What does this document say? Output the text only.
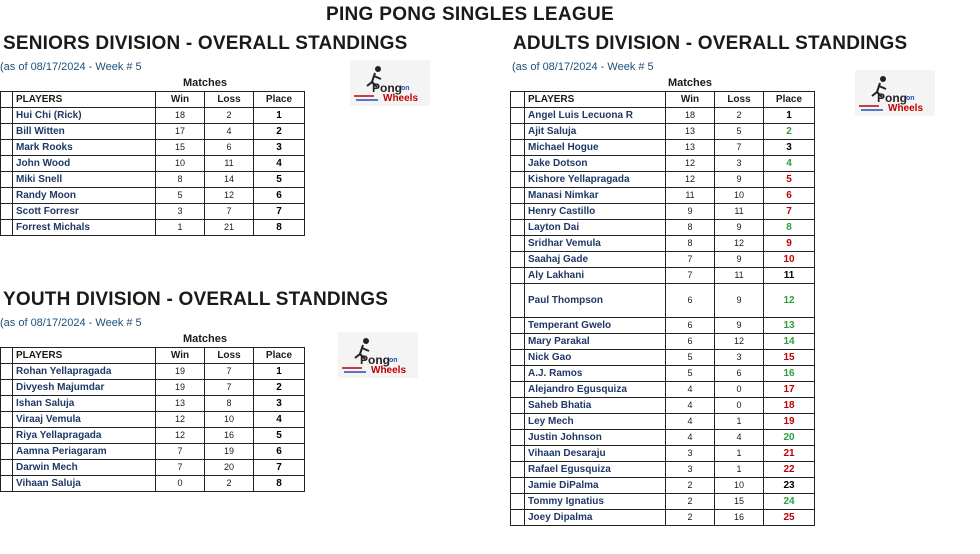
PING PONG SINGLES LEAGUE
SENIORS DIVISION - OVERALL STANDINGS
(as of 08/17/2024 - Week # 5
Matches	Pong on
Wheels
	PLAYERS	Win	Loss	Place
	Hui Chi (Rick)	18	2	1
	Bill Witten	17	4	2
	Mark Rooks	15	6	3
	John Wood	10	11	4
	Miki Snell	8	14	5
	Randy Moon	5	12	6
	Scott Forresr	3	7	7
	Forrest Michals	1	21	8
YOUTH DIVISION - OVERALL STANDINGS
(as of 08/17/2024 - Week # 5
Matches
Pong on
Wheels
	PLAYERS	Win	Loss	Place
	Rohan Yellapragada	19	7	1
	Divyesh Majumdar	19	7	2
	Ishan Saluja	13	8	3
	Viraaj Vemula	12	10	4
	Riya Yellapragada	12	16	5
	Aamna Periagaram	7	19	6
	Darwin Mech	7	20	7
	Vihaan Saluja	0	2	8
ADULTS DIVISION - OVERALL STANDINGS
(as of 08/17/2024 - Week # 5
Matches
Pong on
Wheels
	PLAYERS	Win	Loss	Place
	Angel Luis Lecuona R	18	2	1
	Ajit Saluja	13	5	2
	Michael Hogue	13	7	3
	Jake Dotson	12	3	4
	Kishore Yellapragada	12	9	5
	Manasi Nimkar	11	10	6
	Henry Castillo	9	11	7
	Layton Dai	8	9	8
	Sridhar Vemula	8	12	9
	Saahaj Gade	7	9	10
	Aly Lakhani	7	11	11
	Paul Thompson	6	9	12
	Temperant Gwelo	6	9	13
	Mary Parakal	6	12	14
	Nick Gao	5	3	15
	A.J. Ramos	5	6	16
	Alejandro Egusquiza	4	0	17
	Saheb Bhatia	4	0	18
	Ley Mech	4	1	19
	Justin Johnson	4	4	20
	Vihaan Desaraju	3	1	21
	Rafael Egusquiza	3	1	22
	Jamie DiPalma	2	10	23
	Tommy Ignatius	2	15	24
	Joey Dipalma	2	16	25
